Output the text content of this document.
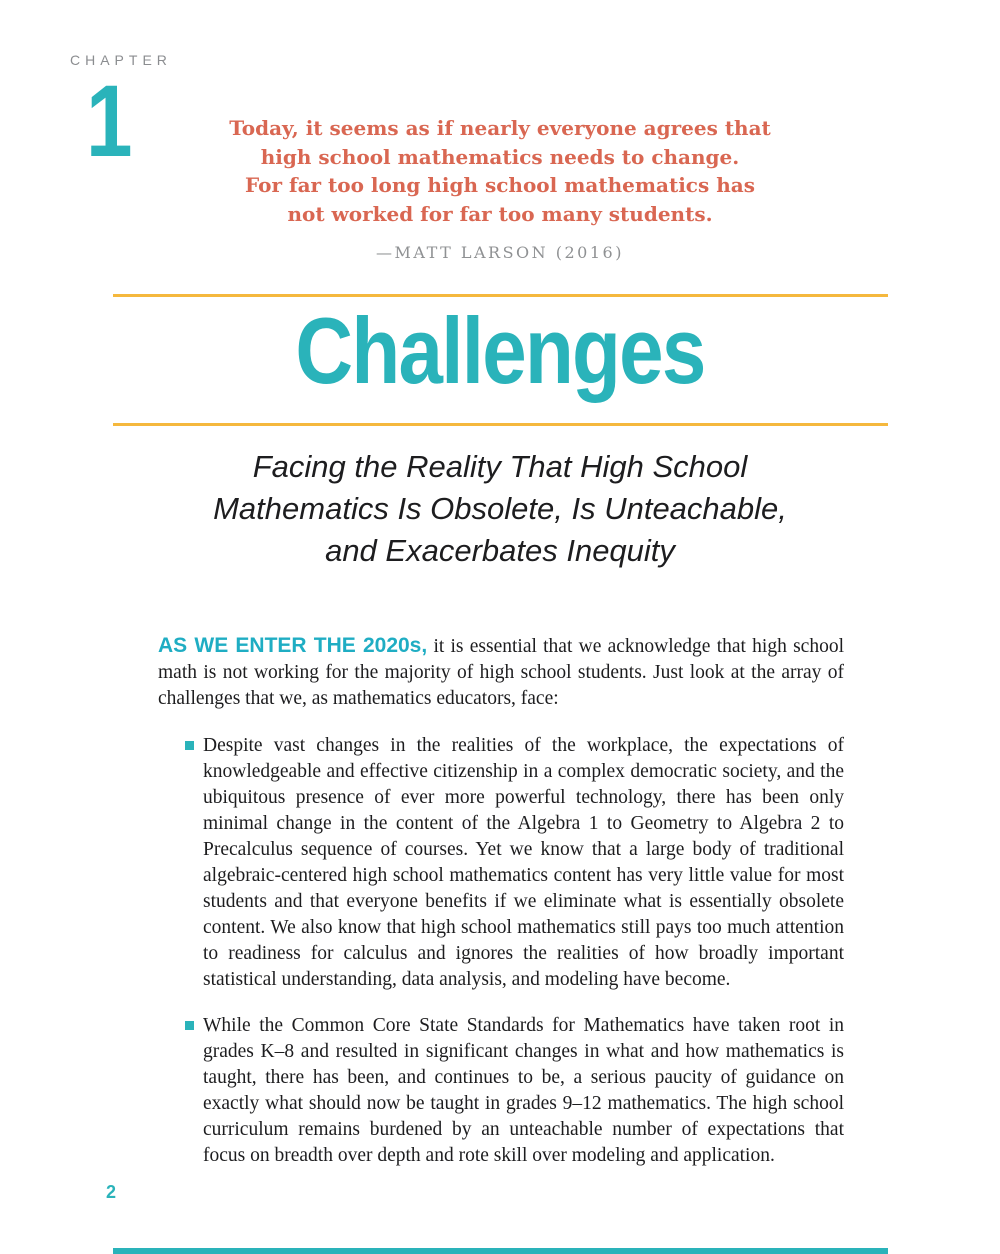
CHAPTER
1	Today, it seems as if nearly everyone agrees that
high school mathematics needs to change.
For far too long high school mathematics has
not worked for far too many students.
—MATT LARSON (2016)
Challenges
Facing the Reality That High School
Mathematics Is Obsolete, Is Unteachable,
and Exacerbates Inequity

AS WE ENTER THE 2020s, it is essential that we acknowledge that high school math is not working for the majority of high school students. Just look at the array of challenges that we, as mathematics educators, face:

Despite vast changes in the realities of the workplace, the expectations of knowledgeable and effective citizenship in a complex democratic society, and the ubiquitous presence of ever more powerful technology, there has been only minimal change in the content of the Algebra 1 to Geometry to Algebra 2 to Precalculus sequence of courses. Yet we know that a large body of traditional algebraic-centered high school mathematics content has very little value for most students and that everyone benefits if we eliminate what is essentially obsolete content. We also know that high school mathematics still pays too much attention to readiness for calculus and ignores the realities of how broadly important statistical understanding, data analysis, and modeling have become.
While the Common Core State Standards for Mathematics have taken root in grades K–8 and resulted in significant changes in what and how mathematics is taught, there has been, and continues to be, a serious paucity of guidance on exactly what should now be taught in grades 9–12 mathematics. The high school curriculum remains burdened by an unteachable number of expectations that focus on breadth over depth and rote skill over modeling and application.
2
